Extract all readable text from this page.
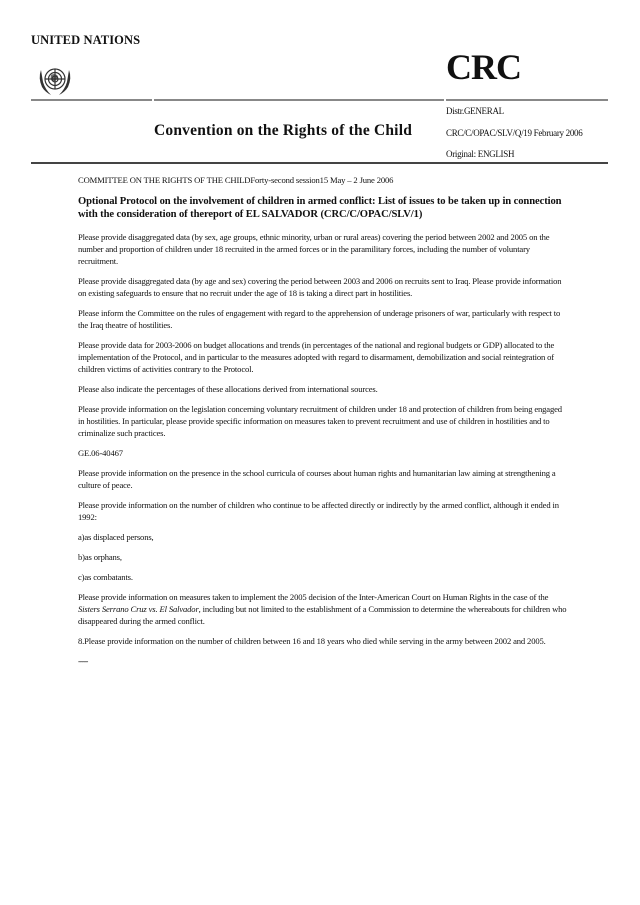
UNITED NATIONS
CRC
Convention on the Rights of the Child
Distr.GENERAL
CRC/C/OPAC/SLV/Q/19 February 2006
Original: ENGLISH
COMMITTEE ON THE RIGHTS OF THE CHILDForty-second session15 May – 2 June 2006
Optional Protocol on the involvement of children in armed conflict: List of issues to be taken up in connection with the consideration of thereport of EL SALVADOR (CRC/C/OPAC/SLV/1)
Please provide disaggregated data (by sex, age groups, ethnic minority, urban or rural areas) covering the period between 2002 and 2005 on the number and proportion of children under 18 recruited in the armed forces or in the paramilitary forces, including the number of voluntary recruitment.
Please provide disaggregated data (by age and sex) covering the period between 2003 and 2006 on recruits sent to Iraq. Please provide information on existing safeguards to ensure that no recruit under the age of 18 is taking a direct part in hostilities.
Please inform the Committee on the rules of engagement with regard to the apprehension of underage prisoners of war, particularly with respect to the Iraq theatre of hostilities.
Please provide data for 2003-2006 on budget allocations and trends (in percentages of the national and regional budgets or GDP) allocated to the implementation of the Protocol, and in particular to the measures adopted with regard to disarmament, demobilization and social reintegration of children victims of activities contrary to the Protocol.
Please also indicate the percentages of these allocations derived from international sources.
Please provide information on the legislation concerning voluntary recruitment of children under 18 and protection of children from being engaged in hostilities. In particular, please provide specific information on measures taken to prevent recruitment and use of children in hostilities and to criminalize such practices.
GE.06-40467
Please provide information on the presence in the school curricula of courses about human rights and humanitarian law aiming at strengthening a culture of peace.
Please provide information on the number of children who continue to be affected directly or indirectly by the armed conflict, although it ended in 1992:
a)as displaced persons,
b)as orphans,
c)as combatants.
Please provide information on measures taken to implement the 2005 decision of the Inter-American Court on Human Rights in the case of the Sisters Serrano Cruz vs. El Salvador, including but not limited to the establishment of a Commission to determine the whereabouts for children who disappeared during the armed conflict.
8.Please provide information on the number of children between 16 and 18 years who died while serving in the army between 2002 and 2005.
-----
